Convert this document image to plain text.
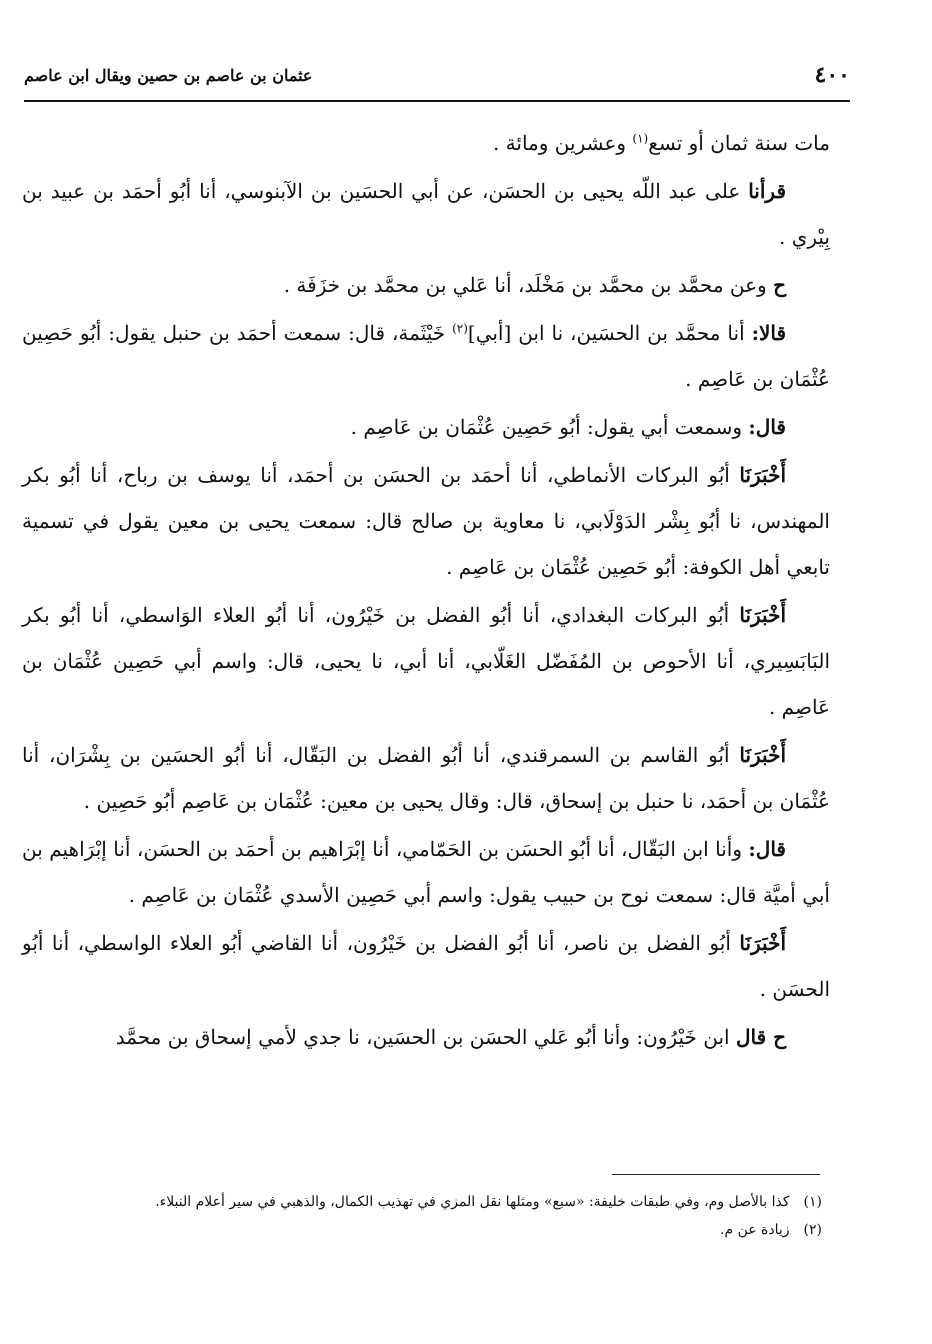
٤٠٠
عثمان بن عاصم بن حصين ويقال ابن عاصم

مات سنة ثمان أو تسع$^{(١)}$ وعشرين ومائة .

قرأنا على عبد اللّه يحيى بن الحسَن، عن أبي الحسَين بن الآبنوسي، أنا أبُو أحمَد بن عبيد بن بِيْري .

ح وعن محمَّد بن محمَّد بن مَخْلَد، أنا عَلي بن محمَّد بن خزَفَة .

قالا: أنا محمَّد بن الحسَين، نا ابن [أبي]$^{(٢)}$ خَيْثَمة، قال: سمعت أحمَد بن حنبل يقول: أبُو حَصِين عُثْمَان بن عَاصِم .

قال: وسمعت أبي يقول: أبُو حَصِين عُثْمَان بن عَاصِم .

أَخْبَرَنَا أبُو البركات الأنماطي، أنا أحمَد بن الحسَن بن أحمَد، أنا يوسف بن رباح، أنا أبُو بكر المهندس، نا أبُو بِشْر الدَوْلَابي، نا معاوية بن صالح قال: سمعت يحيى بن معين يقول في تسمية تابعي أهل الكوفة: أبُو حَصِين عُثْمَان بن عَاصِم .

أَخْبَرَنَا أبُو البركات البغدادي، أنا أبُو الفضل بن خَيْرُون، أنا أبُو العلاء الوَاسطي، أنا أبُو بكر البَابَسِيري، أنا الأحوص بن المُفَضّل الغَلّابي، أنا أبي، نا يحيى، قال: واسم أبي حَصِين عُثْمَان بن عَاصِم .

أَخْبَرَنَا أبُو القاسم بن السمرقندي، أنا أبُو الفضل بن البَقّال، أنا أبُو الحسَين بن بِشْرَان، أنا عُثْمَان بن أحمَد، نا حنبل بن إسحاق، قال: وقال يحيى بن معين: عُثْمَان بن عَاصِم أبُو حَصِين .

قال: وأنا ابن البَقّال، أنا أبُو الحسَن بن الحَمّامي، أنا إبْرَاهيم بن أحمَد بن الحسَن، أنا إبْرَاهيم بن أبي أميَّة قال: سمعت نوح بن حبيب يقول: واسم أبي حَصِين الأسدي عُثْمَان بن عَاصِم .

أَخْبَرَنَا أبُو الفضل بن ناصر، أنا أبُو الفضل بن خَيْرُون، أنا القاضي أبُو العلاء الواسطي، أنا أبُو الحسَن .

ح قال ابن خَيْرُون: وأنا أبُو عَلي الحسَن بن الحسَين، نا جدي لأمي إسحاق بن محمَّد

(١)
كذا بالأصل وم، وفي طبقات خليفة: «سبع» ومثلها نقل المزي في تهذيب الكمال، والذهبي في سير أعلام النبلاء.
(٢)
زيادة عن م.
